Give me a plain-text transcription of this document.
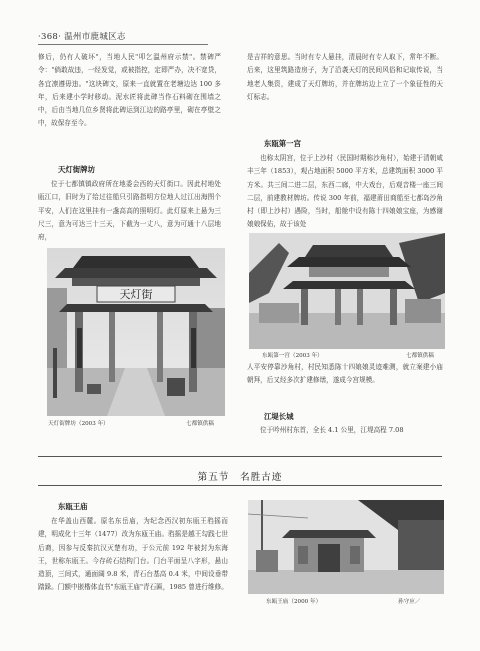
·368· 温州市鹿城区志

修后，仍有人破坏"，当地人民"叩乞温州府示禁"。禁碑严令："倘敢故违，一经发觉，或被指控，定即严办，决不宽贷，各宜凛遵毋违。"这块碑文，原来一直就置在老塘边达 100 多年，后来建小学时移动。泥水匠将此碑当作石料砌在围墙之中，后由当地几位乡贤将此碑运到江边的路亭里，砌在亭壁之中，故保存至今。

天灯街牌坊

位于七都镇镇政府所在地委会西的天灯街口。因此村地处瓯江口，旧时为了给过往船只引路指明方位地人过江出海图个平安，人们在这里挂有一盏高高的照明灯。此灯原来上悬为三尺三，意为可达三十三天，下截为一丈八，意为可通十八层地府，

天灯街
天灯街牌坊（2003 年）	七都镇供稿

是吉祥的意思。当时有专人悬挂，清晨时有专人取下，常年不断。后来，这里筑路造房子，为了沿袭天灯的民间风俗和记取传说，当地老人集资，建成了天灯牌坊，并在牌坊边上立了一个象征性的天灯标志。

东瓯第一宫

也称太阴宫，位于上沙村（民国时期称沙角村），始建于清朝咸丰三年（1853），观占地面积 5000 平方米，总建筑面积 3000 平方米。共三间二进二层，东西二廊，中大戏台，后观音楼一座三间二层，前建教材牌坊。传说 300 年前，福建莆田商船至七都岛沙角村（即上沙村）遇险，当时，船舱中设有陈十四娘娘宝座，为感谢娘娘保佑，故于该处

东瓯第一宫（2003 年）	七都镇供稿

人平安停靠沙角村，村民知悉陈十四娘娘灵迹难测，就立案建小庙朝拜，后又经多次扩建修缮，遂成今宫规模。

江堤长城

位于吟州村东首，全长 4.1 公里，江堤高程 7.08

第五节　名胜古迹
东瓯王庙

在华盖山西麓。原名东岳庙，为纪念西汉初东瓯王驺摇而建，明成化十三年（1477）改为东瓯王庙。驺摇是越王勾践七世后裔，因参与反秦抗汉灭楚有功，于公元前 192 年被封为东海王，世称东瓯王。今存砖石结构门台。门台平面呈八字形，悬山造顶，三间式，通面阔 9.8 米，青石台基高 0.4 米，中间设垂带踏跺。门额中嵌楷体直书"东瓯王庙"青石匾，1985 曾进行维修。

东瓯王庙（2000 年）	孙守应／
